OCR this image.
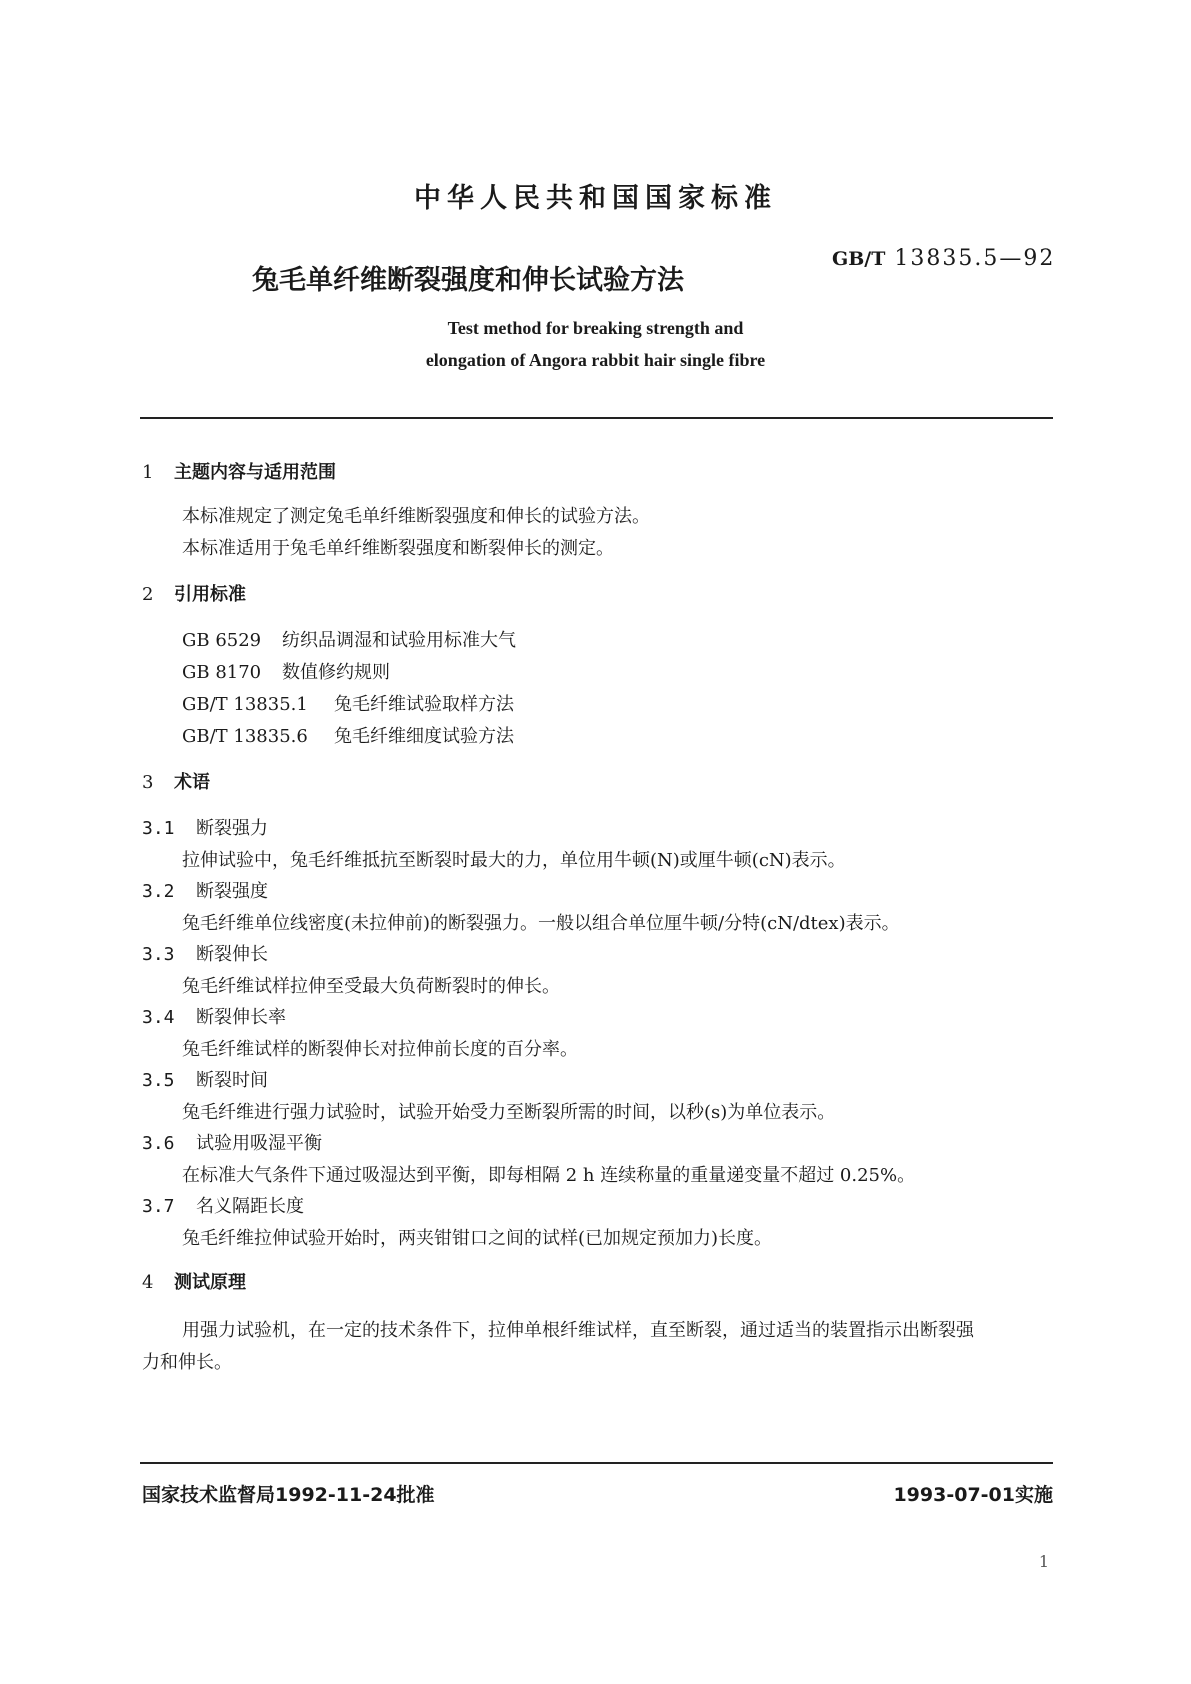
中华人民共和国国家标准
兔毛单纤维断裂强度和伸长试验方法
GB/T 13835.5—92
Test method for breaking strength and
elongation of Angora rabbit hair single fibre
1 主题内容与适用范围
本标准规定了测定兔毛单纤维断裂强度和伸长的试验方法。
本标准适用于兔毛单纤维断裂强度和断裂伸长的测定。
2 引用标准
GB 6529 纺织品调湿和试验用标准大气
GB 8170 数值修约规则
GB/T 13835.1 兔毛纤维试验取样方法
GB/T 13835.6 兔毛纤维细度试验方法
3 术语
3.1 断裂强力
拉伸试验中，兔毛纤维抵抗至断裂时最大的力，单位用牛顿(N)或厘牛顿(cN)表示。
3.2 断裂强度
兔毛纤维单位线密度(未拉伸前)的断裂强力。一般以组合单位厘牛顿/分特(cN/dtex)表示。
3.3 断裂伸长
兔毛纤维试样拉伸至受最大负荷断裂时的伸长。
3.4 断裂伸长率
兔毛纤维试样的断裂伸长对拉伸前长度的百分率。
3.5 断裂时间
兔毛纤维进行强力试验时，试验开始受力至断裂所需的时间，以秒(s)为单位表示。
3.6 试验用吸湿平衡
在标准大气条件下通过吸湿达到平衡，即每相隔 2 h 连续称量的重量递变量不超过 0.25%。
3.7 名义隔距长度
兔毛纤维拉伸试验开始时，两夹钳钳口之间的试样(已加规定预加力)长度。
4 测试原理
用强力试验机，在一定的技术条件下，拉伸单根纤维试样，直至断裂，通过适当的装置指示出断裂强
力和伸长。
国家技术监督局1992-11-24批准	1993-07-01实施
1
